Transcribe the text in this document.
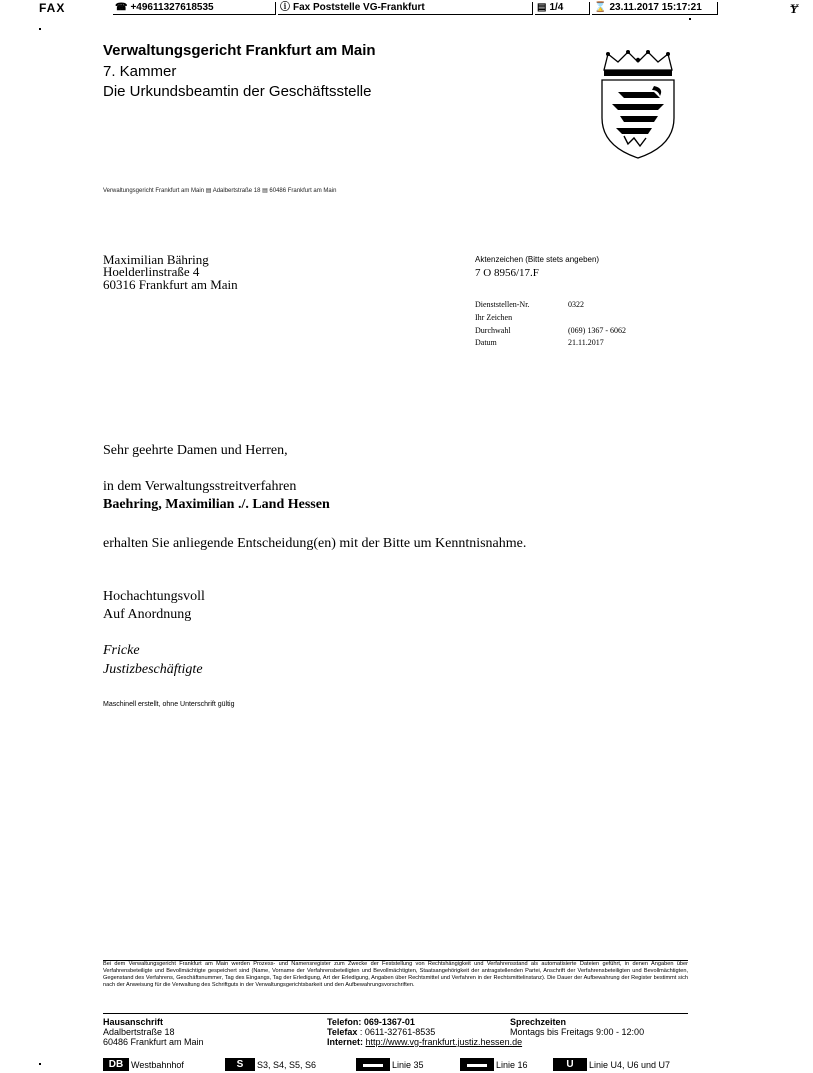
FAX	☎ +49611327618535	ⓘ Fax Poststelle VG-Frankfurt	▤ 1/4	⌛ 23.11.2017 15:17:21	Ɏ
Verwaltungsgericht Frankfurt am Main
7. Kammer
Die Urkundsbeamtin der Geschäftsstelle
Verwaltungsgericht Frankfurt am Main ▤ Adalbertstraße 18 ▤ 60486 Frankfurt am Main
Maximilian Bähring
Hoelderlinstraße 4
60316 Frankfurt am Main
Aktenzeichen (Bitte stets angeben)
7 O 8956/17.F
Dienststellen-Nr.	0322
Ihr Zeichen
Durchwahl	(069) 1367 - 6062
Datum	21.11.2017
Sehr geehrte Damen und Herren,
in dem Verwaltungsstreitverfahren
Baehring, Maximilian ./. Land Hessen
erhalten Sie anliegende Entscheidung(en) mit der Bitte um Kenntnisnahme.
Hochachtungsvoll
Auf Anordnung
Fricke
Justizbeschäftigte
Maschinell erstellt, ohne Unterschrift gültig
Bei dem Verwaltungsgericht Frankfurt am Main werden Prozess- und Namensregister zum Zwecke der Feststellung von Rechtshängigkeit und Verfahrensstand als automatisierte Dateien geführt, in denen Angaben über Verfahrensbeteiligte und Bevollmächtigte gespeichert sind (Name, Vorname der Verfahrensbeteiligten und Bevollmächtigten, Staatsangehörigkeit der antragstellenden Partei, Anschrift der Verfahrensbeteiligten und Bevollmächtigten, Gegenstand des Verfahrens, Geschäftsnummer, Tag des Eingangs, Tag der Erledigung, Art der Erledigung, Angaben über Rechtsmittel und Verfahren in der Rechtsmittelinstanz). Die Dauer der Aufbewahrung der Register bestimmt sich nach der Anweisung für die Verwaltung des Schriftguts in der Verwaltungsgerichtsbarkeit und den Aufbewahrungsvorschriften.
Hausanschrift
Adalbertstraße 18
60486 Frankfurt am Main
Telefon: 069-1367-01
Telefax : 0611-32761-8535
Internet: http://www.vg-frankfurt.justiz.hessen.de
Sprechzeiten
Montags bis Freitags 9:00 - 12:00
DB Westbahnhof	S S3, S4, S5, S6	▬▬ Linie 35	▬▬ Linie 16	U Linie U4, U6 und U7
